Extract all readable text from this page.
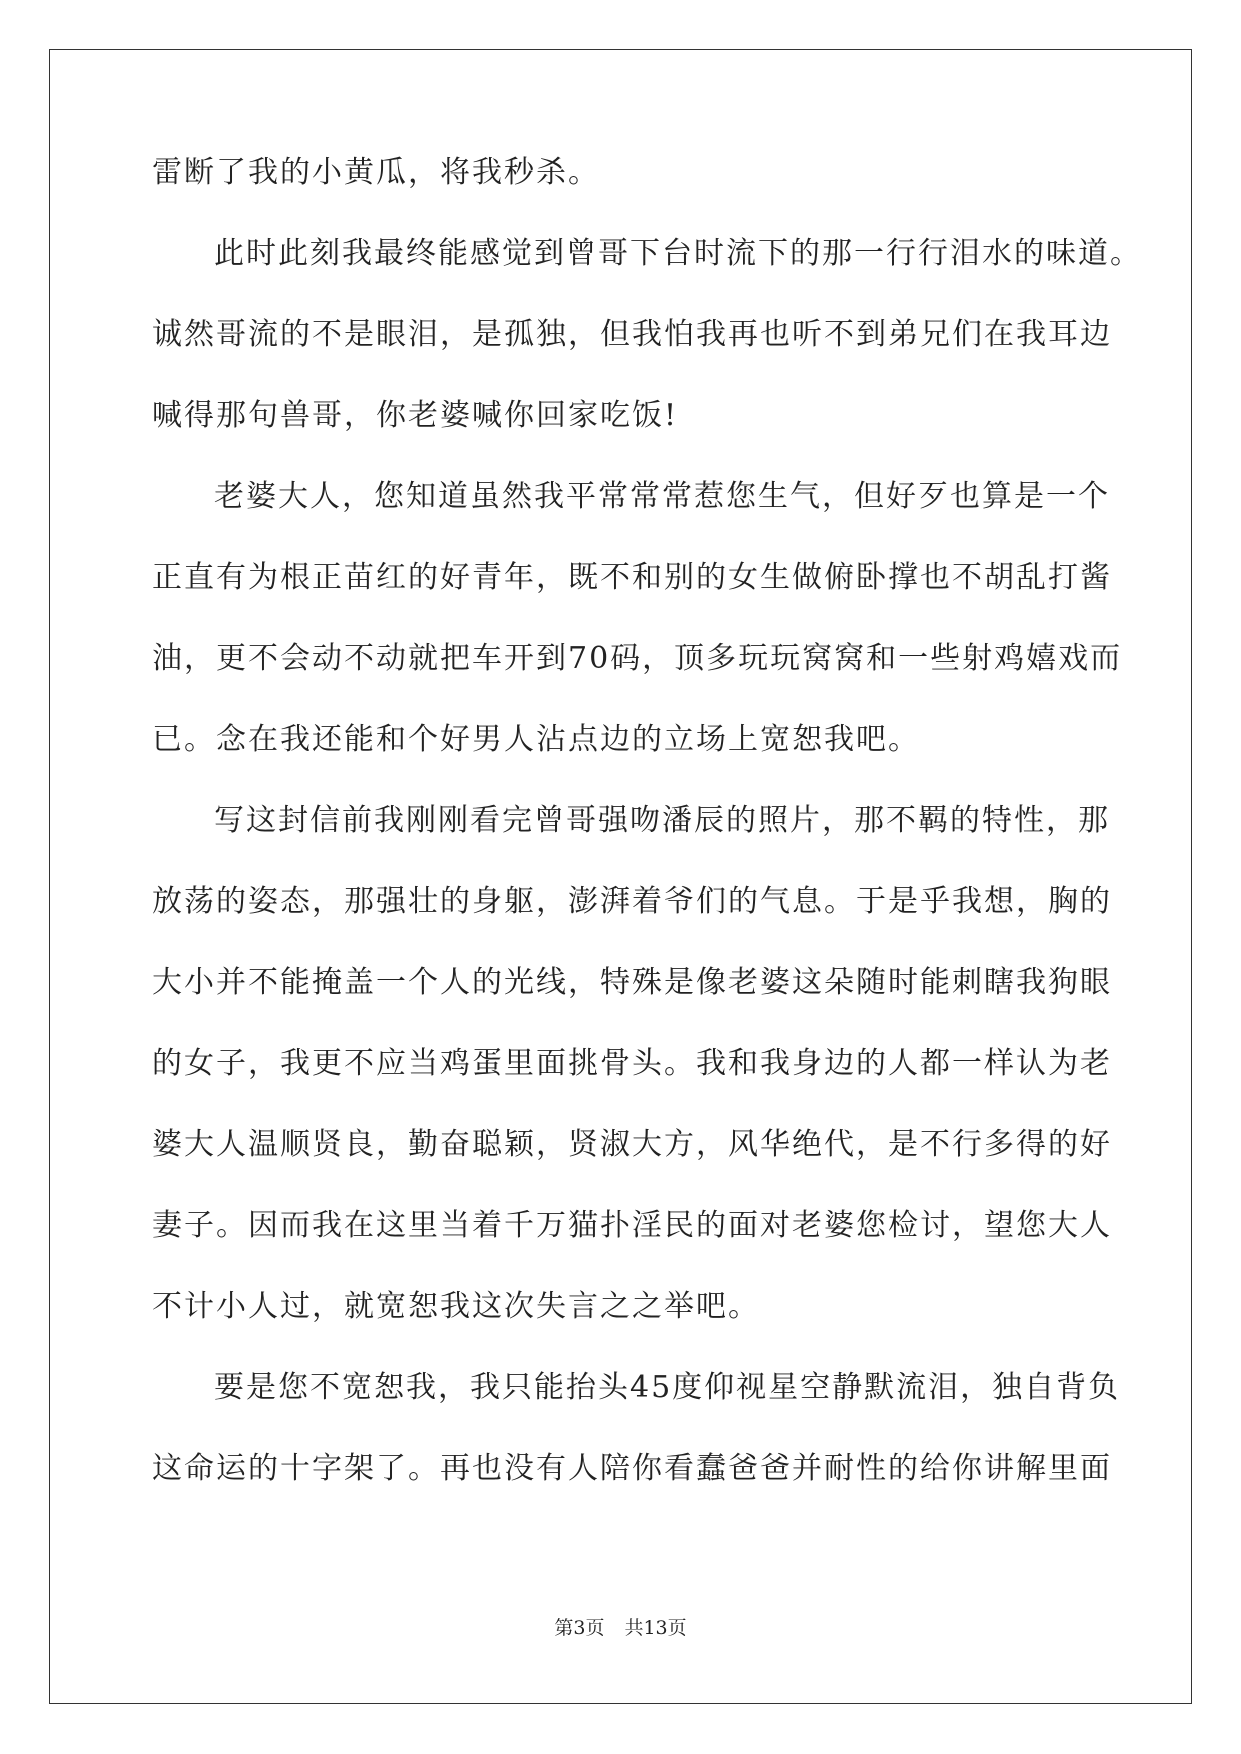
雷断了我的小黄瓜，将我秒杀。
此时此刻我最终能感觉到曾哥下台时流下的那一行行泪水的味道。
诚然哥流的不是眼泪，是孤独，但我怕我再也听不到弟兄们在我耳边
喊得那句兽哥，你老婆喊你回家吃饭!
老婆大人，您知道虽然我平常常常惹您生气，但好歹也算是一个
正直有为根正苗红的好青年，既不和别的女生做俯卧撑也不胡乱打酱
油，更不会动不动就把车开到70码，顶多玩玩窝窝和一些射鸡嬉戏而
已。念在我还能和个好男人沾点边的立场上宽恕我吧。
写这封信前我刚刚看完曾哥强吻潘辰的照片，那不羁的特性，那
放荡的姿态，那强壮的身躯，澎湃着爷们的气息。于是乎我想，胸的
大小并不能掩盖一个人的光线，特殊是像老婆这朵随时能刺瞎我狗眼
的女子，我更不应当鸡蛋里面挑骨头。我和我身边的人都一样认为老
婆大人温顺贤良，勤奋聪颖，贤淑大方，风华绝代，是不行多得的好
妻子。因而我在这里当着千万猫扑淫民的面对老婆您检讨，望您大人
不计小人过，就宽恕我这次失言之之举吧。
要是您不宽恕我，我只能抬头45度仰视星空静默流泪，独自背负
这命运的十字架了。再也没有人陪你看蠢爸爸并耐性的给你讲解里面
第3页 共13页
